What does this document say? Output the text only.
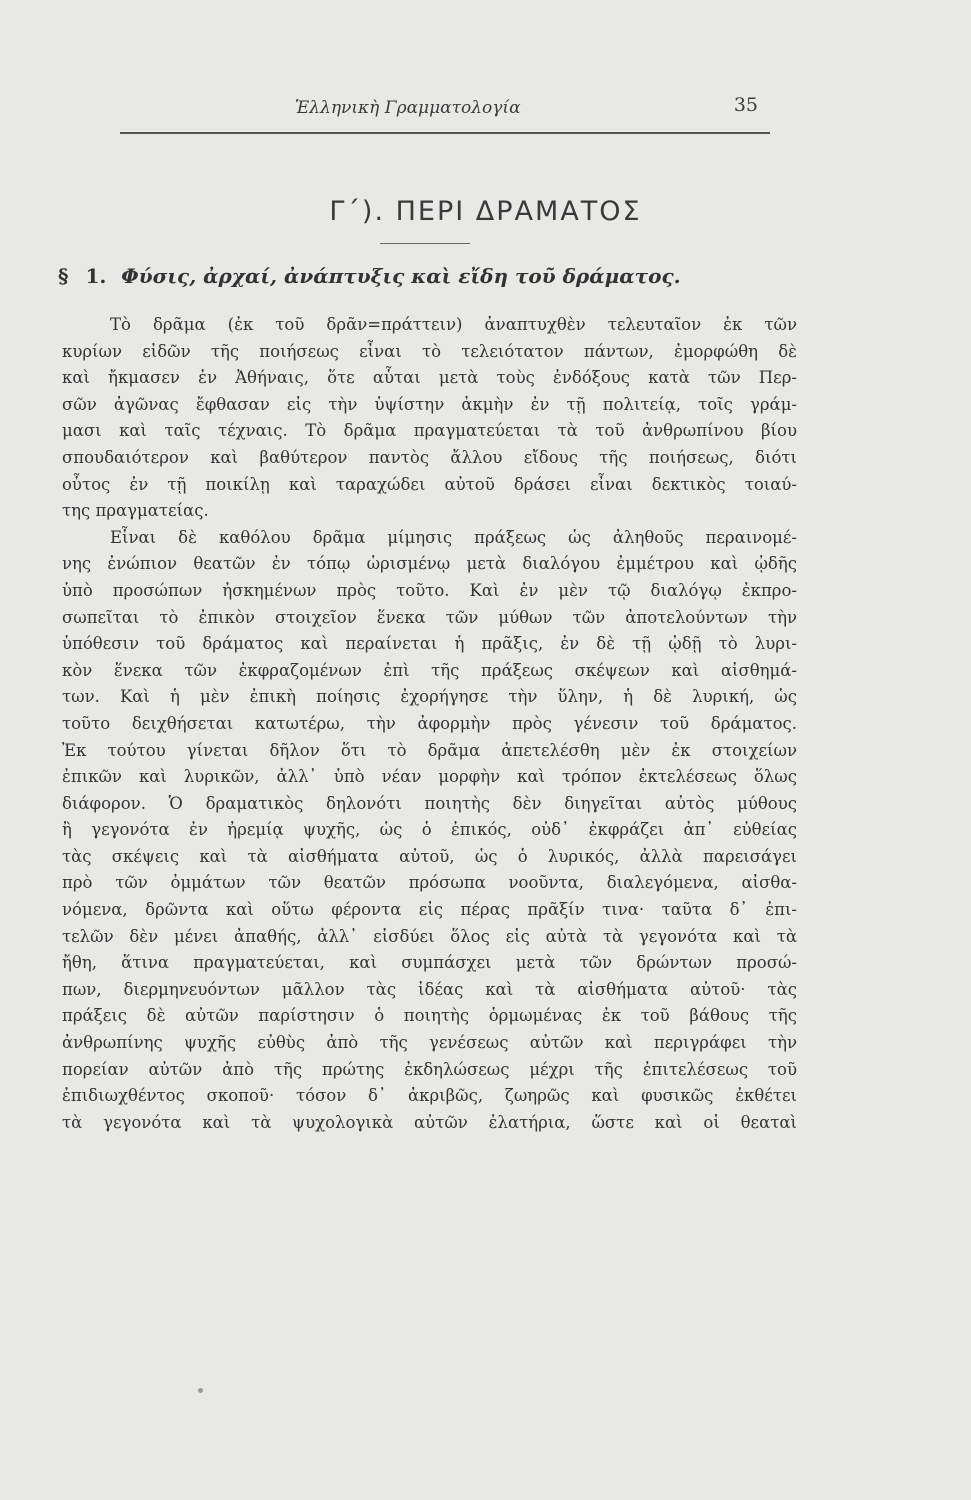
Ἑλληνικὴ Γραμματολογία	35
Γ΄). ΠΕΡΙ ΔΡΑΜΑΤΟΣ
§ 1. Φύσις, ἀρχαί, ἀνάπτυξις καὶ εἴδη τοῦ δράματος.
Τὸ δρᾶμα (ἐκ τοῦ δρᾶν=πράττειν) ἀναπτυχθὲν τελευταῖον ἐκ τῶν
κυρίων εἰδῶν τῆς ποιήσεως εἶναι τὸ τελειότατον πάντων, ἐμορφώθη δὲ
καὶ ἤκμασεν ἐν Ἀθήναις, ὅτε αὗται μετὰ τοὺς ἐνδόξους κατὰ τῶν Περ-
σῶν ἀγῶνας ἔφθασαν εἰς τὴν ὑψίστην ἀκμὴν ἐν τῇ πολιτείᾳ, τοῖς γράμ-
μασι καὶ ταῖς τέχναις. Τὸ δρᾶμα πραγματεύεται τὰ τοῦ ἀνθρωπίνου βίου
σπουδαιότερον καὶ βαθύτερον παντὸς ἄλλου εἴδους τῆς ποιήσεως, διότι
οὗτος ἐν τῇ ποικίλῃ καὶ ταραχώδει αὐτοῦ δράσει εἶναι δεκτικὸς τοιαύ-
της πραγματείας.
Εἶναι δὲ καθόλου δρᾶμα μίμησις πράξεως ὡς ἀληθοῦς περαινομέ-
νης ἐνώπιον θεατῶν ἐν τόπῳ ὡρισμένῳ μετὰ διαλόγου ἐμμέτρου καὶ ᾠδῆς
ὑπὸ προσώπων ἠσκημένων πρὸς τοῦτο. Καὶ ἐν μὲν τῷ διαλόγῳ ἐκπρο-
σωπεῖται τὸ ἐπικὸν στοιχεῖον ἕνεκα τῶν μύθων τῶν ἀποτελούντων τὴν
ὑπόθεσιν τοῦ δράματος καὶ περαίνεται ἡ πρᾶξις, ἐν δὲ τῇ ᾠδῇ τὸ λυρι-
κὸν ἕνεκα τῶν ἐκφραζομένων ἐπὶ τῆς πράξεως σκέψεων καὶ αἰσθημά-
των. Καὶ ἡ μὲν ἐπικὴ ποίησις ἐχορήγησε τὴν ὕλην, ἡ δὲ λυρική, ὡς
τοῦτο δειχθήσεται κατωτέρω, τὴν ἀφορμὴν πρὸς γένεσιν τοῦ δράματος.
Ἐκ τούτου γίνεται δῆλον ὅτι τὸ δρᾶμα ἀπετελέσθη μὲν ἐκ στοιχείων
ἐπικῶν καὶ λυρικῶν, ἀλλ᾽ ὑπὸ νέαν μορφὴν καὶ τρόπον ἐκτελέσεως ὅλως
διάφορον. Ὁ δραματικὸς δηλονότι ποιητὴς δὲν διηγεῖται αὐτὸς μύθους
ἢ γεγονότα ἐν ἠρεμίᾳ ψυχῆς, ὡς ὁ ἐπικός, οὐδ᾽ ἐκφράζει ἀπ᾽ εὐθείας
τὰς σκέψεις καὶ τὰ αἰσθήματα αὐτοῦ, ὡς ὁ λυρικός, ἀλλὰ παρεισάγει
πρὸ τῶν ὀμμάτων τῶν θεατῶν πρόσωπα νοοῦντα, διαλεγόμενα, αἰσθα-
νόμενα, δρῶντα καὶ οὕτω φέροντα εἰς πέρας πρᾶξίν τινα· ταῦτα δ᾽ ἐπι-
τελῶν δὲν μένει ἀπαθής, ἀλλ᾽ εἰσδύει ὅλος εἰς αὐτὰ τὰ γεγονότα καὶ τὰ
ἤθη, ἅτινα πραγματεύεται, καὶ συμπάσχει μετὰ τῶν δρώντων προσώ-
πων, διερμηνευόντων μᾶλλον τὰς ἰδέας καὶ τὰ αἰσθήματα αὐτοῦ· τὰς
πράξεις δὲ αὐτῶν παρίστησιν ὁ ποιητὴς ὁρμωμένας ἐκ τοῦ βάθους τῆς
ἀνθρωπίνης ψυχῆς εὐθὺς ἀπὸ τῆς γενέσεως αὐτῶν καὶ περιγράφει τὴν
πορείαν αὐτῶν ἀπὸ τῆς πρώτης ἐκδηλώσεως μέχρι τῆς ἐπιτελέσεως τοῦ
ἐπιδιωχθέντος σκοποῦ· τόσον δ᾽ ἀκριβῶς, ζωηρῶς καὶ φυσικῶς ἐκθέτει
τὰ γεγονότα καὶ τὰ ψυχολογικὰ αὐτῶν ἐλατήρια, ὥστε καὶ οἱ θεαταὶ
